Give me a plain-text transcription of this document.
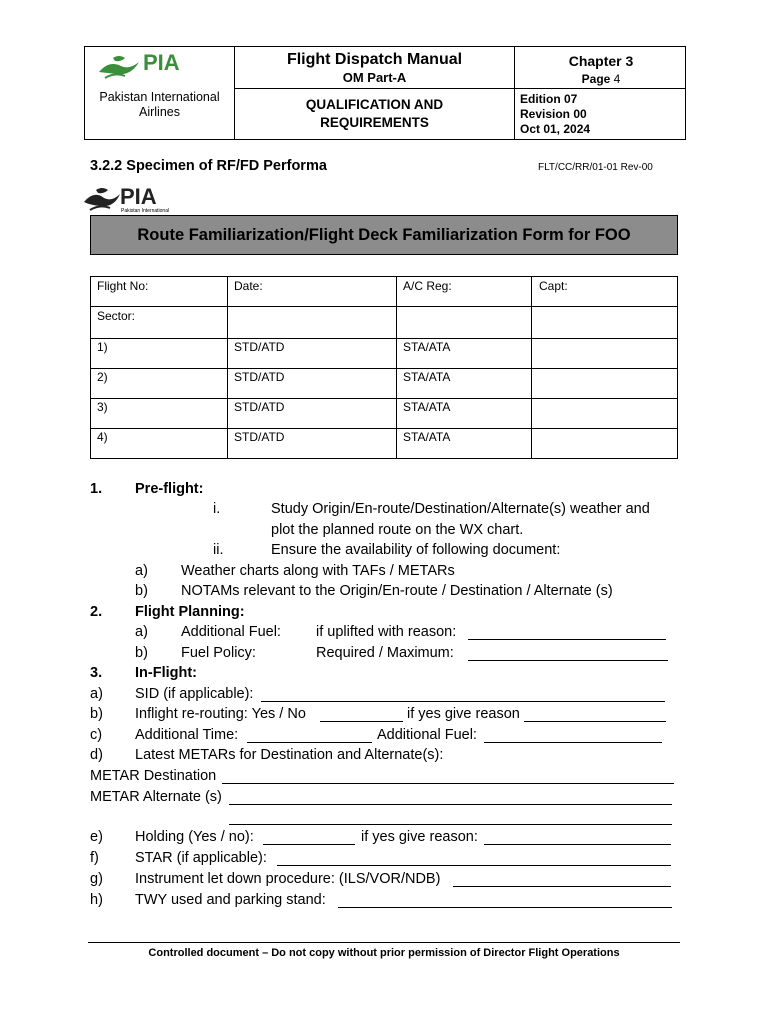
PIA
Pakistan International
Airlines
Flight Dispatch Manual
OM Part-A
QUALIFICATION AND
REQUIREMENTS
Chapter 3
Page 4
Edition 07
Revision 00
Oct 01, 2024
3.2.2 Specimen of RF/FD Performa	FLT/CC/RR/01-01 Rev-00
PIA
Pakistan International
Route Familiarization/Flight Deck Familiarization Form for FOO
Flight No:	Date:	A/C Reg:	Capt:
Sector:
1)	STD/ATD	STA/ATA
2)	STD/ATD	STA/ATA
3)	STD/ATD	STA/ATA
4)	STD/ATD	STA/ATA
1. Pre-flight:
i.	Study Origin/En-route/Destination/Alternate(s) weather and
plot the planned route on the WX chart.
ii.	Ensure the availability of following document:
a) Weather charts along with TAFs / METARs
b) NOTAMs relevant to the Origin/En-route / Destination / Alternate (s)
2. Flight Planning:
a) Additional Fuel: if uplifted with reason:
b) Fuel Policy:	Required / Maximum:
3. In-Flight:
a) SID (if applicable):
b) Inflight re-routing: Yes / No	if yes give reason
c) Additional Time:	Additional Fuel:
d) Latest METARs for Destination and Alternate(s):
METAR Destination
METAR Alternate (s)
e) Holding (Yes / no):	if yes give reason:
f) STAR (if applicable):
g) Instrument let down procedure: (ILS/VOR/NDB)
h) TWY used and parking stand:
Controlled document – Do not copy without prior permission of Director Flight Operations
